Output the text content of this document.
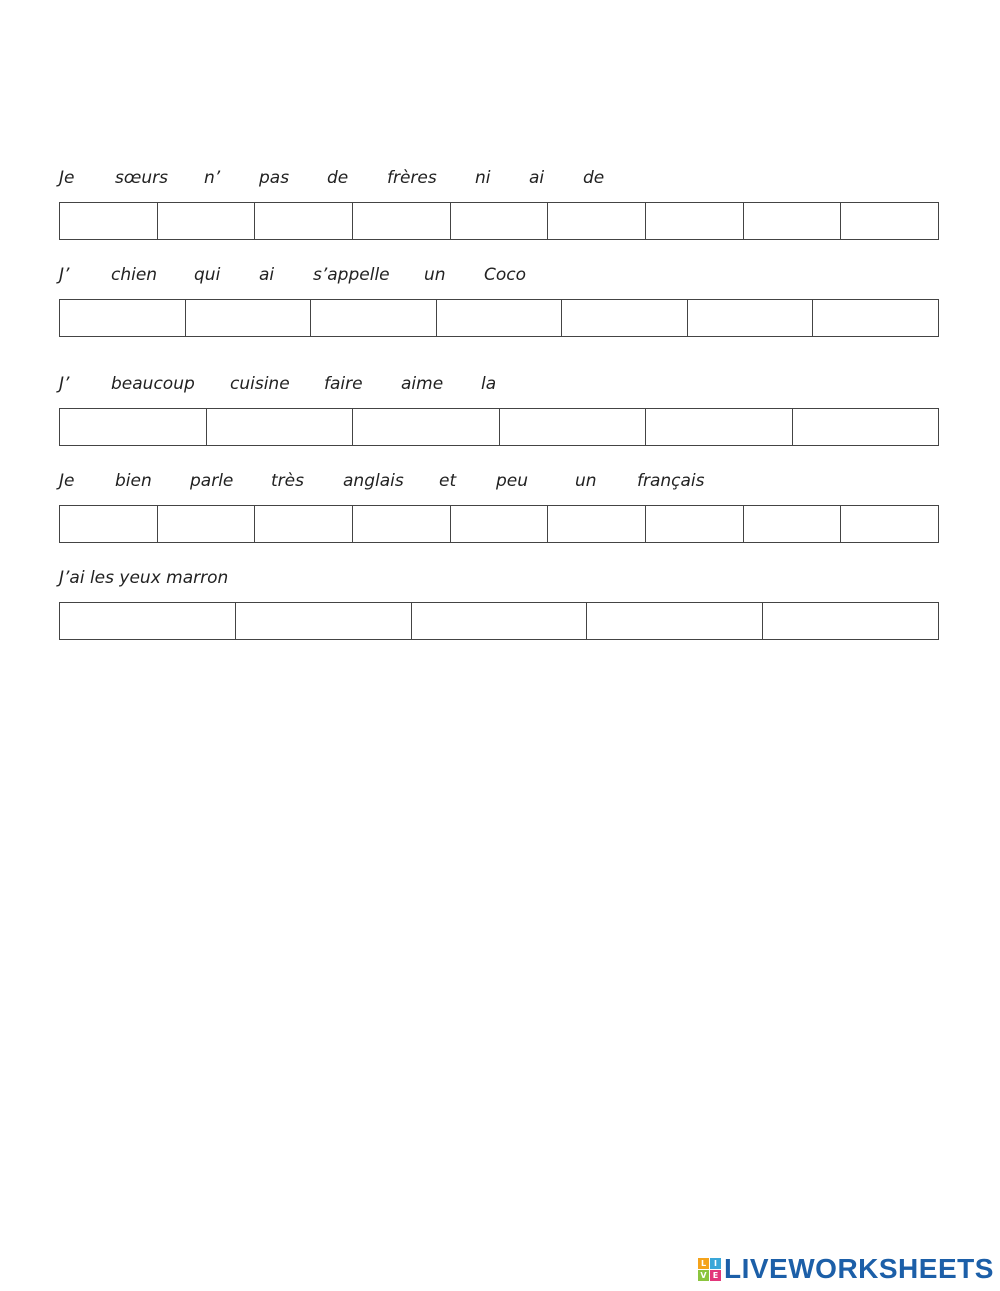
Je sœurs n’ pas de frères ni ai de
J’ chien qui ai s’appelle un Coco
J’ beaucoup cuisine faire aime la
Je bien parle très anglais et peu	un français
J’ai les yeux marron
L I
V E LIVEWORKSHEETS
